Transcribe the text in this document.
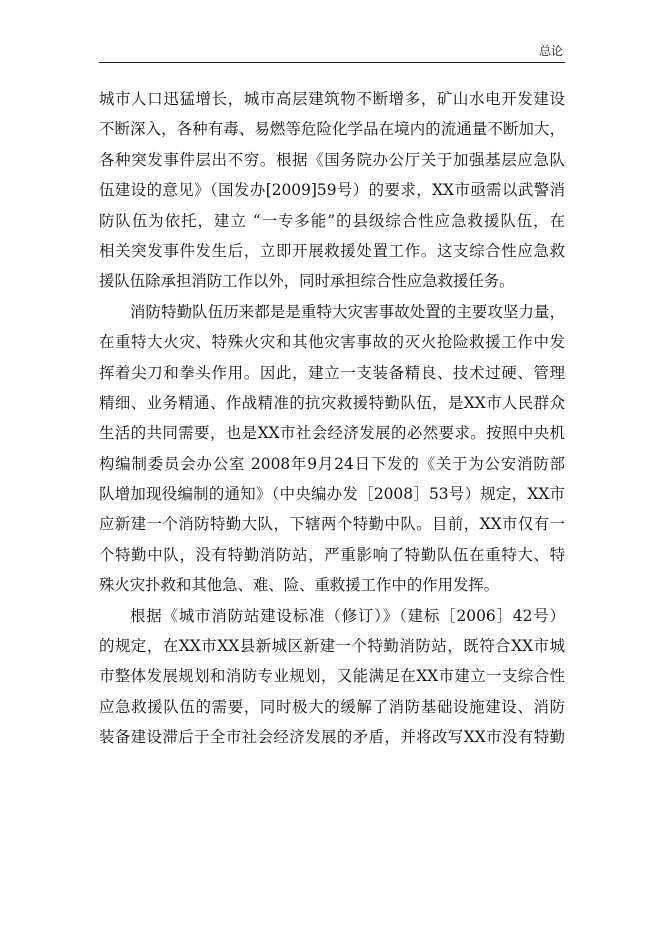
总论
城市人口迅猛增长，城市高层建筑物不断增多，矿山水电开发建设
不断深入，各种有毒、易燃等危险化学品在境内的流通量不断加大，
各种突发事件层出不穷。根据《国务院办公厅关于加强基层应急队
伍建设的意见》（国发办[2009]59号）的要求，XX市亟需以武警消
防队伍为依托，建立 “一专多能”的县级综合性应急救援队伍，在
相关突发事件发生后，立即开展救援处置工作。这支综合性应急救
援队伍除承担消防工作以外，同时承担综合性应急救援任务。
消防特勤队伍历来都是是重特大灾害事故处置的主要攻坚力量，
在重特大火灾、特殊火灾和其他灾害事故的灭火抢险救援工作中发
挥着尖刀和拳头作用。因此，建立一支装备精良、技术过硬、管理
精细、业务精通、作战精准的抗灾救援特勤队伍，是XX市人民群众
生活的共同需要，也是XX市社会经济发展的必然要求。按照中央机
构编制委员会办公室 2008年9月24日下发的《关于为公安消防部
队增加现役编制的通知》（中央编办发［2008］53号）规定，XX市
应新建一个消防特勤大队，下辖两个特勤中队。目前，XX市仅有一
个特勤中队，没有特勤消防站，严重影响了特勤队伍在重特大、特
殊火灾扑救和其他急、难、险、重救援工作中的作用发挥。
根据《城市消防站建设标准（修订）》（建标［2006］42号）
的规定，在XX市XX县新城区新建一个特勤消防站，既符合XX市城
市整体发展规划和消防专业规划，又能满足在XX市建立一支综合性
应急救援队伍的需要，同时极大的缓解了消防基础设施建设、消防
装备建设滞后于全市社会经济发展的矛盾，并将改写XX市没有特勤
